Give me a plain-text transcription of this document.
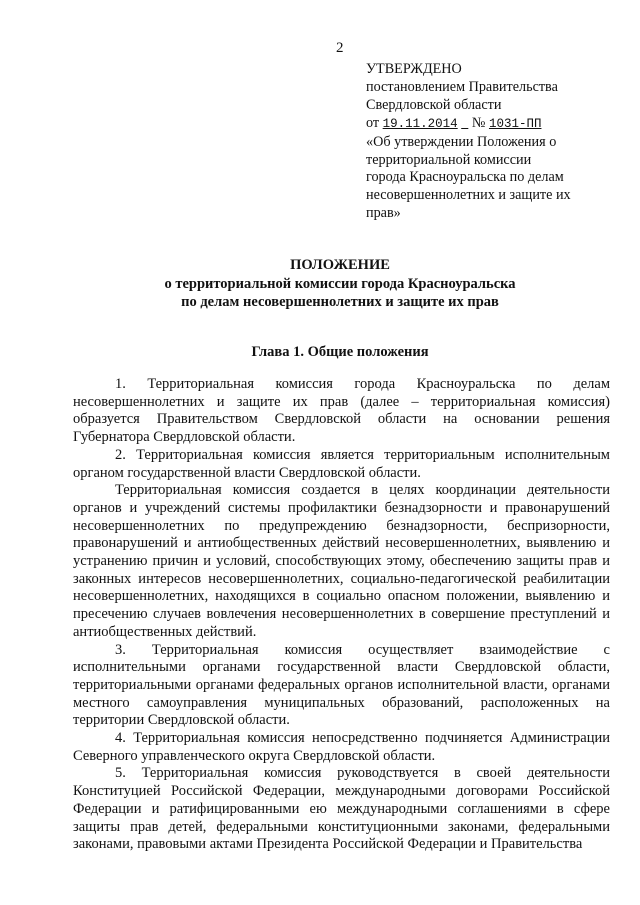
2
УТВЕРЖДЕНО
постановлением Правительства
Свердловской области
от 19.11.2014 № 1031-ПП
«Об утверждении Положения о
территориальной комиссии
города Красноуральска по делам
несовершеннолетних и защите их
прав»
ПОЛОЖЕНИЕ
о территориальной комиссии города Красноуральска
по делам несовершеннолетних и защите их прав
Глава 1. Общие положения

1. Территориальная комиссия города Красноуральска по делам несовершеннолетних и защите их прав (далее – территориальная комиссия) образуется Правительством Свердловской области на основании решения Губернатора Свердловской области.

2. Территориальная комиссия является территориальным исполнительным органом государственной власти Свердловской области.

Территориальная комиссия создается в целях координации деятельности органов и учреждений системы профилактики безнадзорности и правонарушений несовершеннолетних по предупреждению безнадзорности, беспризорности, правонарушений и антиобщественных действий несовершеннолетних, выявлению и устранению причин и условий, способствующих этому, обеспечению защиты прав и законных интересов несовершеннолетних, социально-педагогической реабилитации несовершеннолетних, находящихся в социально опасном положении, выявлению и пресечению случаев вовлечения несовершеннолетних в совершение преступлений и антиобщественных действий.

3. Территориальная комиссия осуществляет взаимодействие с исполнительными органами государственной власти Свердловской области, территориальными органами федеральных органов исполнительной власти, органами местного самоуправления муниципальных образований, расположенных на территории Свердловской области.

4. Территориальная комиссия непосредственно подчиняется Администрации Северного управленческого округа Свердловской области.

5. Территориальная комиссия руководствуется в своей деятельности Конституцией Российской Федерации, международными договорами Российской Федерации и ратифицированными ею международными соглашениями в сфере защиты прав детей, федеральными конституционными законами, федеральными законами, правовыми актами Президента Российской Федерации и Правительства
